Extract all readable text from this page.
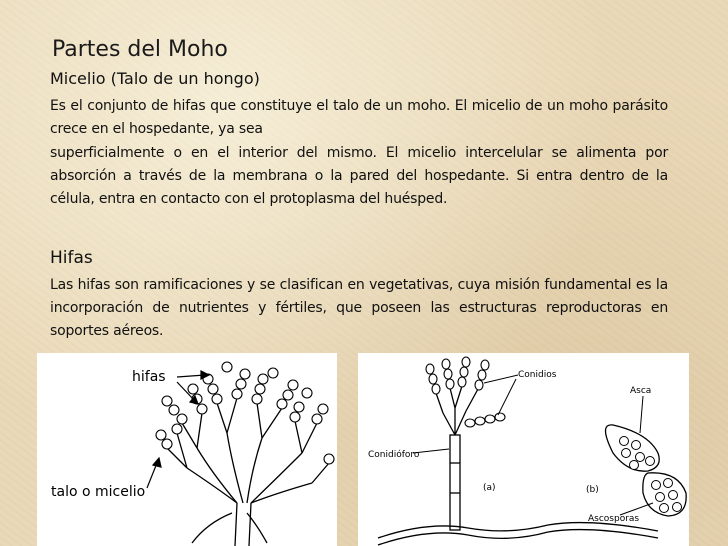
Partes del Moho
Micelio (Talo de un hongo)

Es el conjunto de hifas que constituye el talo de un moho. El micelio de un moho parásito crece en el hospedante, ya sea

superficialmente o en el interior del mismo. El micelio intercelular se alimenta por absorción a través de la membrana o la pared del hospedante. Si entra dentro de la célula, entra en contacto con el protoplasma del huésped.

Hifas

Las hifas son ramificaciones y se clasifican en vegetativas, cuya misión fundamental es la incorporación de nutrientes y fértiles, que poseen las estructuras reproductoras en soportes aéreos.

hifas
talo o micelio
Conidios
Conidióforo
Asca
Ascosporas
(a)	(b)
